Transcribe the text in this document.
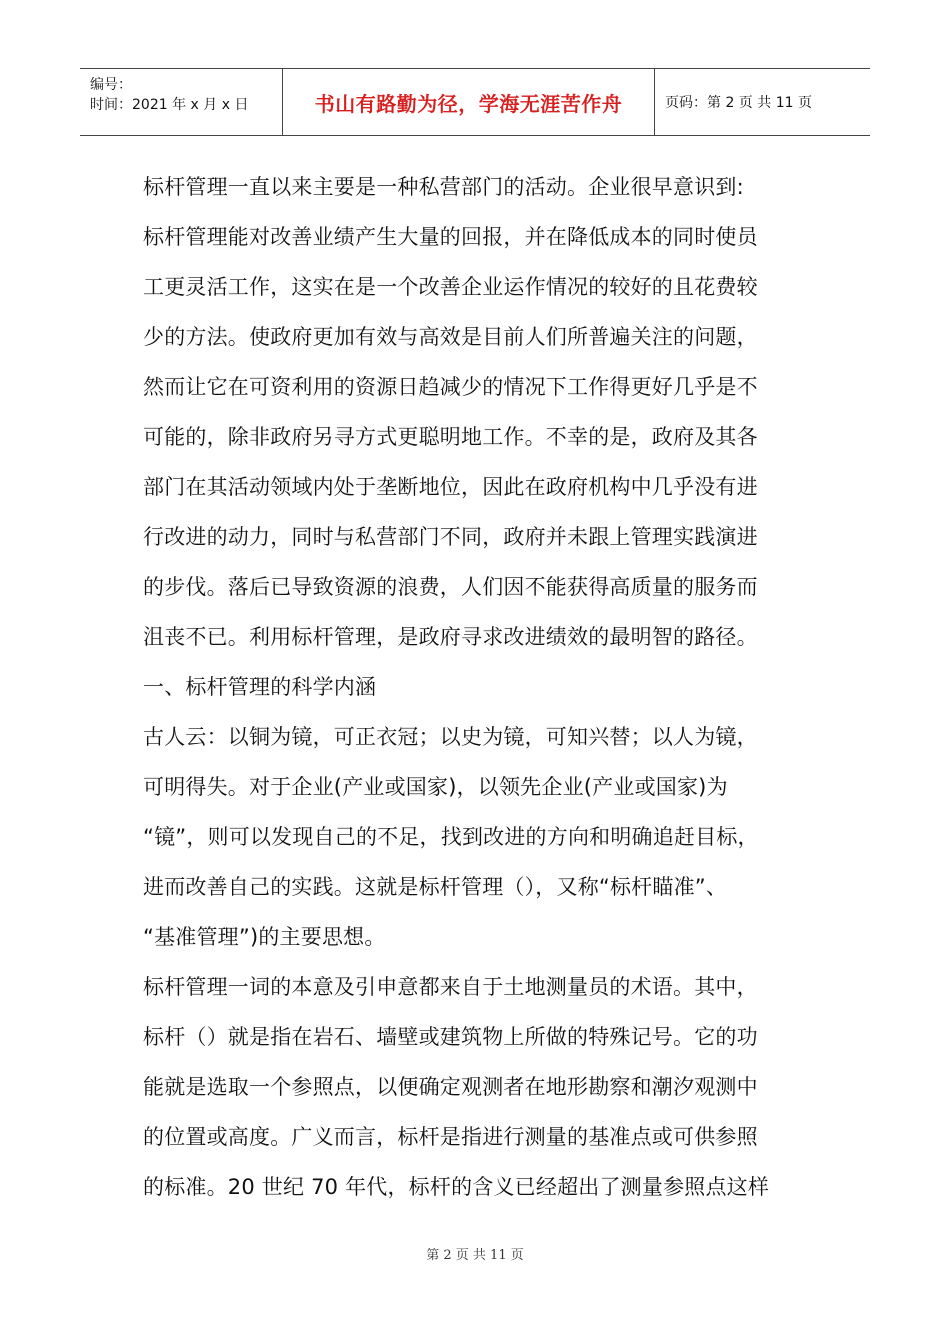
编号：
时间：2021 年 x 月 x 日	书山有路勤为径，学海无涯苦作舟	页码：第 2 页 共 11 页
标杆管理一直以来主要是一种私营部门的活动。企业很早意识到:
标杆管理能对改善业绩产生大量的回报，并在降低成本的同时使员
工更灵活工作，这实在是一个改善企业运作情况的较好的且花费较
少的方法。使政府更加有效与高效是目前人们所普遍关注的问题，
然而让它在可资利用的资源日趋减少的情况下工作得更好几乎是不
可能的，除非政府另寻方式更聪明地工作。不幸的是，政府及其各
部门在其活动领域内处于垄断地位，因此在政府机构中几乎没有进
行改进的动力，同时与私营部门不同，政府并未跟上管理实践演进
的步伐。落后已导致资源的浪费，人们因不能获得高质量的服务而
沮丧不已。利用标杆管理，是政府寻求改进绩效的最明智的路径。
一、标杆管理的科学内涵
古人云：以铜为镜，可正衣冠；以史为镜，可知兴替；以人为镜，
可明得失。对于企业(产业或国家)，以领先企业(产业或国家)为
“镜”，则可以发现自己的不足，找到改进的方向和明确追赶目标，
进而改善自己的实践。这就是标杆管理（），又称“标杆瞄准”、
“基准管理”)的主要思想。
标杆管理一词的本意及引申意都来自于土地测量员的术语。其中，
标杆（）就是指在岩石、墙壁或建筑物上所做的特殊记号。它的功
能就是选取一个参照点，以便确定观测者在地形勘察和潮汐观测中
的位置或高度。广义而言，标杆是指进行测量的基准点或可供参照
的标准。20 世纪 70 年代，标杆的含义已经超出了测量参照点这样
第 2 页 共 11 页
